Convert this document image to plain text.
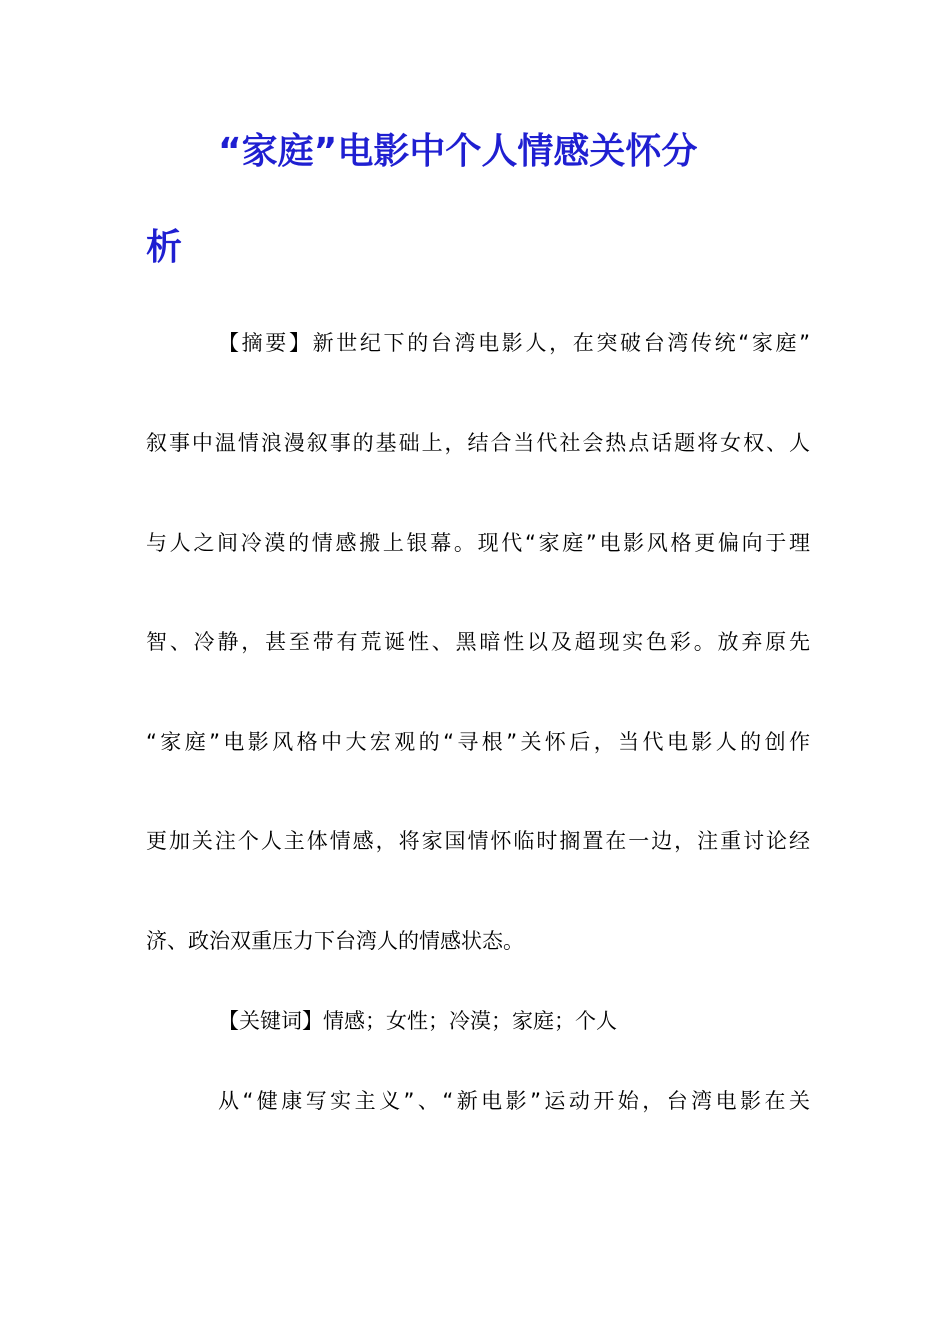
“家庭”电影中个人情感关怀分
析

【摘要】新世纪下的台湾电影人，在突破台湾传统“家庭”

叙事中温情浪漫叙事的基础上，结合当代社会热点话题将女权、人

与人之间冷漠的情感搬上银幕。现代“家庭”电影风格更偏向于理

智、冷静，甚至带有荒诞性、黑暗性以及超现实色彩。放弃原先

“家庭”电影风格中大宏观的“寻根”关怀后，当代电影人的创作

更加关注个人主体情感，将家国情怀临时搁置在一边，注重讨论经

济、政治双重压力下台湾人的情感状态。

【关键词】情感；女性；冷漠；家庭；个人

从“健康写实主义”、“新电影”运动开始，台湾电影在关
